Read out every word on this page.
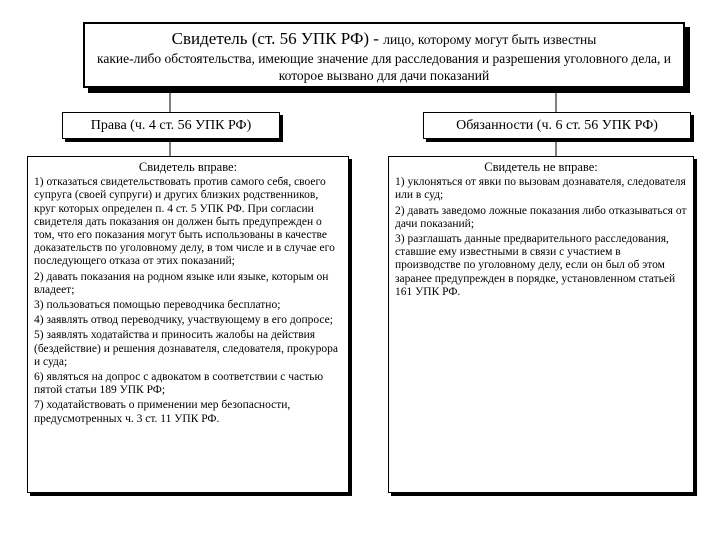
Свидетель (ст. 56 УПК РФ) - лицо, которому могут быть известны
какие-либо обстоятельства, имеющие значение для расследования и разрешения уголовного дела, и которое вызвано для дачи показаний
Права (ч. 4 ст. 56 УПК РФ)	Обязанности (ч. 6 ст. 56 УПК РФ)
Свидетель вправе:
1) отказаться свидетельствовать против самого себя, своего супруга (своей супруги) и других близких родственников, круг которых определен п. 4 ст. 5 УПК РФ. При согласии свидетеля дать показания он должен быть предупрежден о том, что его показания могут быть использованы в качестве доказательств по уголовному делу, в том числе и в случае его последующего отказа от этих показаний;
2) давать показания на родном языке или языке, которым он владеет;
3) пользоваться помощью переводчика бесплатно;
4) заявлять отвод переводчику, участвующему в его допросе;
5) заявлять ходатайства и приносить жалобы на действия (бездействие) и решения дознавателя, следователя, прокурора и суда;
6) являться на допрос с адвокатом в соответствии с частью пятой статьи 189 УПК РФ;
7) ходатайствовать о применении мер безопасности, предусмотренных ч. 3 ст. 11 УПК РФ.
Свидетель не вправе:
1) уклоняться от явки по вызовам дознавателя, следователя или в суд;
2) давать заведомо ложные показания либо отказываться от дачи показаний;
3) разглашать данные предварительного расследования, ставшие ему известными в связи с участием в производстве по уголовному делу, если он был об этом заранее предупрежден в порядке, установленном статьей 161 УПК РФ.
